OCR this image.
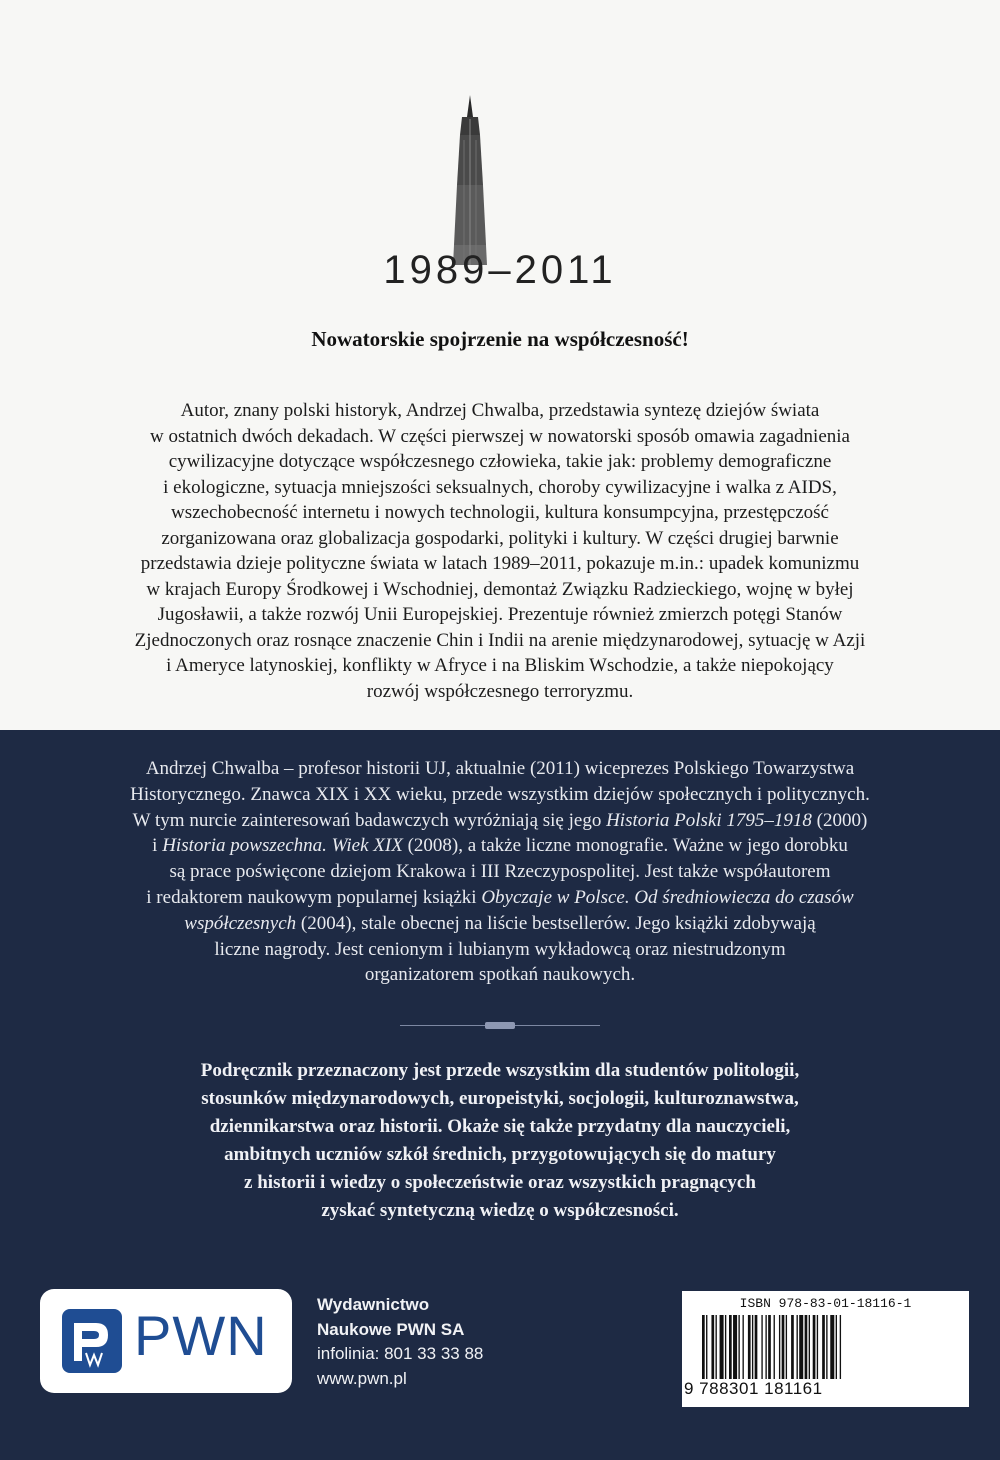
1989–2011
Nowatorskie spojrzenie na współczesność!
Autor, znany polski historyk, Andrzej Chwalba, przedstawia syntezę dziejów świata
w ostatnich dwóch dekadach. W części pierwszej w nowatorski sposób omawia zagadnienia
cywilizacyjne dotyczące współczesnego człowieka, takie jak: problemy demograficzne
i ekologiczne, sytuacja mniejszości seksualnych, choroby cywilizacyjne i walka z AIDS,
wszechobecność internetu i nowych technologii, kultura konsumpcyjna, przestępczość
zorganizowana oraz globalizacja gospodarki, polityki i kultury. W części drugiej barwnie
przedstawia dzieje polityczne świata w latach 1989–2011, pokazuje m.in.: upadek komunizmu
w krajach Europy Środkowej i Wschodniej, demontaż Związku Radzieckiego, wojnę w byłej
Jugosławii, a także rozwój Unii Europejskiej. Prezentuje również zmierzch potęgi Stanów
Zjednoczonych oraz rosnące znaczenie Chin i Indii na arenie międzynarodowej, sytuację w Azji
i Ameryce latynoskiej, konflikty w Afryce i na Bliskim Wschodzie, a także niepokojący
rozwój współczesnego terroryzmu.
Andrzej Chwalba – profesor historii UJ, aktualnie (2011) wiceprezes Polskiego Towarzystwa
Historycznego. Znawca XIX i XX wieku, przede wszystkim dziejów społecznych i politycznych.
W tym nurcie zainteresowań badawczych wyróżniają się jego Historia Polski 1795–1918 (2000)
i Historia powszechna. Wiek XIX (2008), a także liczne monografie. Ważne w jego dorobku
są prace poświęcone dziejom Krakowa i III Rzeczypospolitej. Jest także współautorem
i redaktorem naukowym popularnej książki Obyczaje w Polsce. Od średniowiecza do czasów
współczesnych (2004), stale obecnej na liście bestsellerów. Jego książki zdobywają
liczne nagrody. Jest cenionym i lubianym wykładowcą oraz niestrudzonym
organizatorem spotkań naukowych.
Podręcznik przeznaczony jest przede wszystkim dla studentów politologii,
stosunków międzynarodowych, europeistyki, socjologii, kulturoznawstwa,
dziennikarstwa oraz historii. Okaże się także przydatny dla nauczycieli,
ambitnych uczniów szkół średnich, przygotowujących się do matury
z historii i wiedzy o społeczeństwie oraz wszystkich pragnących
zyskać syntetyczną wiedzę o współczesności.
PWN	Wydawnictwo
Naukowe PWN SA
infolinia: 801 33 33 88
www.pwn.pl
ISBN 978-83-01-18116-1
9 788301 181161
